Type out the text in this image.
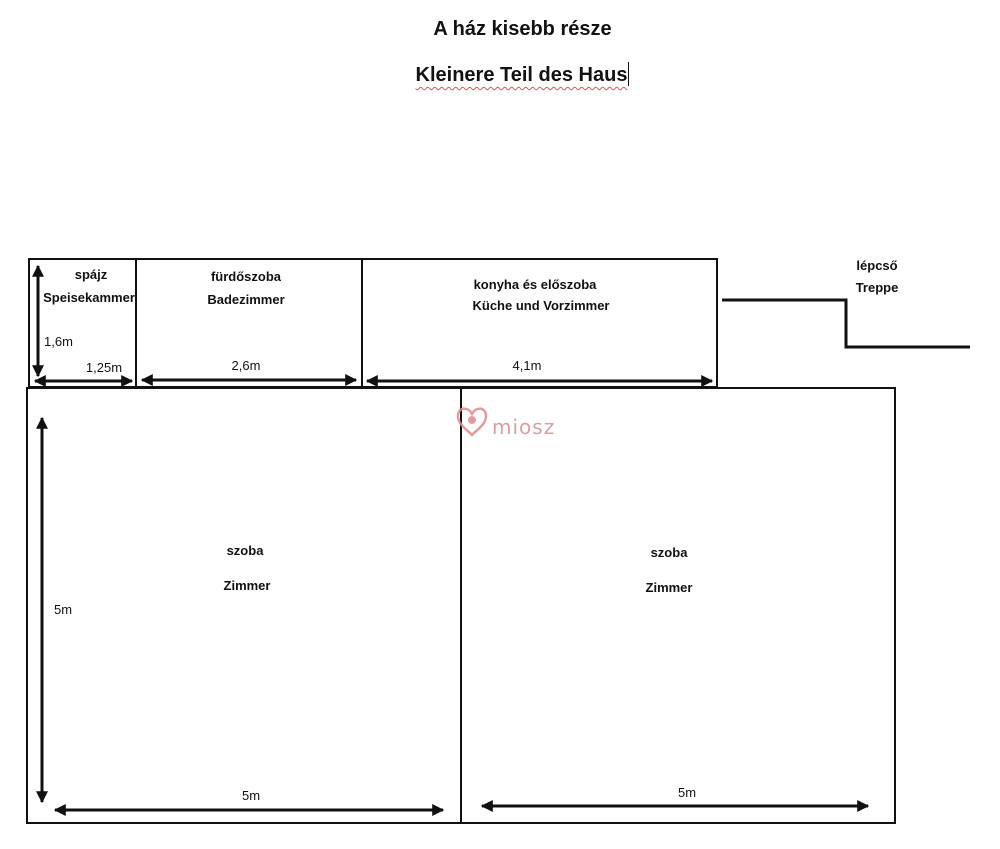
A ház kisebb része
Kleinere Teil des Haus
spájz
Speisekammer
1,6m
1,25m
fürdőszoba
Badezimmer
2,6m
konyha és előszoba
Küche und Vorzimmer
4,1m
lépcső
Treppe
szoba
Zimmer
5m
5m
szoba
Zimmer
5m
miosz
